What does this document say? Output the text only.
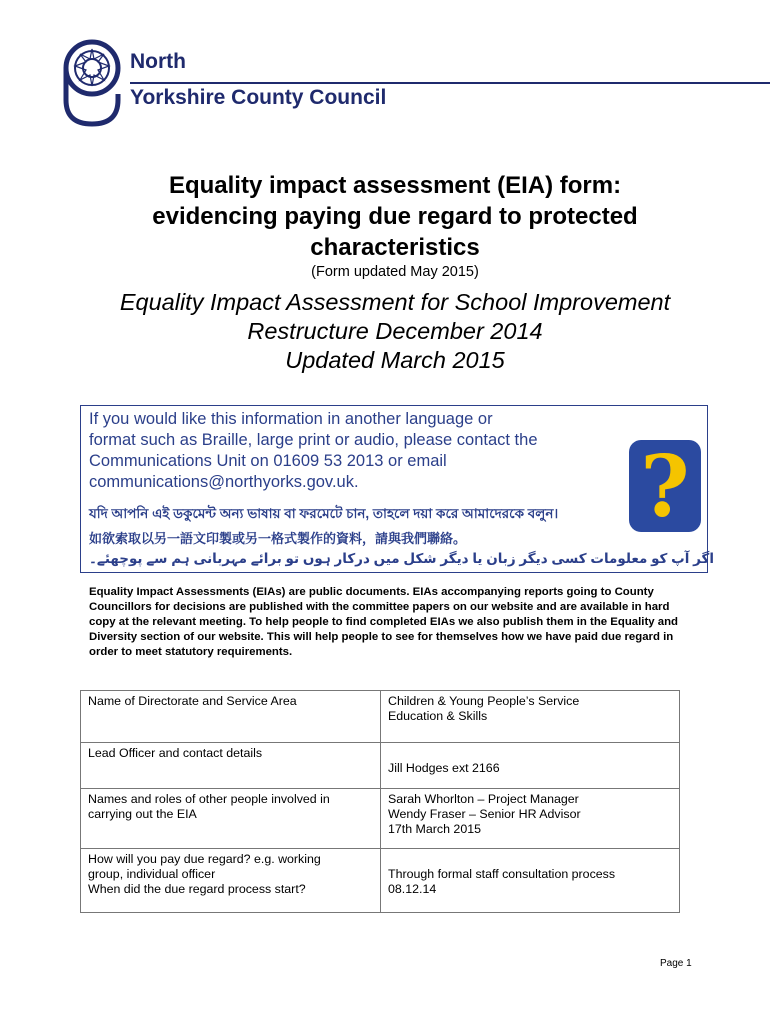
North
Yorkshire County Council
Equality impact assessment (EIA) form:
evidencing paying due regard to protected
characteristics
(Form updated May 2015)
Equality Impact Assessment for School Improvement
Restructure December 2014
Updated March 2015
If you would like this information in another language or
format such as Braille, large print or audio, please contact the
Communications Unit on 01609 53 2013 or email
communications@northyorks.gov.uk.
যদি আপনি এই ডকুমেন্ট অন্য ভাষায় বা ফরমেটে চান, তাহলে দয়া করে আমাদেরকে বলুন।
如欲索取以另一語文印製或另一格式製作的資料，請與我們聯絡。
اگر آپ کو معلومات کسی دیگر زبان یا دیگر شکل میں درکار ہوں تو برائے مہربانی ہم سے پوچھئے۔
?
Equality Impact Assessments (EIAs) are public documents. EIAs accompanying reports going to County Councillors for decisions are published with the committee papers on our website and are available in hard copy at the relevant meeting. To help people to find completed EIAs we also publish them in the Equality and Diversity section of our website. This will help people to see for themselves how we have paid due regard in order to meet statutory requirements.
Name of Directorate and Service Area	Children & Young People’s Service
Education & Skills

Lead Officer and contact details	Jill Hodges ext 2166

Names and roles of other people involved in
carrying out the EIA	Sarah Whorlton – Project Manager
Wendy Fraser – Senior HR Advisor
17th March 2015

How will you pay due regard? e.g. working
group, individual officer
When did the due regard process start?	Through formal staff consultation process
08.12.14
Page 1
